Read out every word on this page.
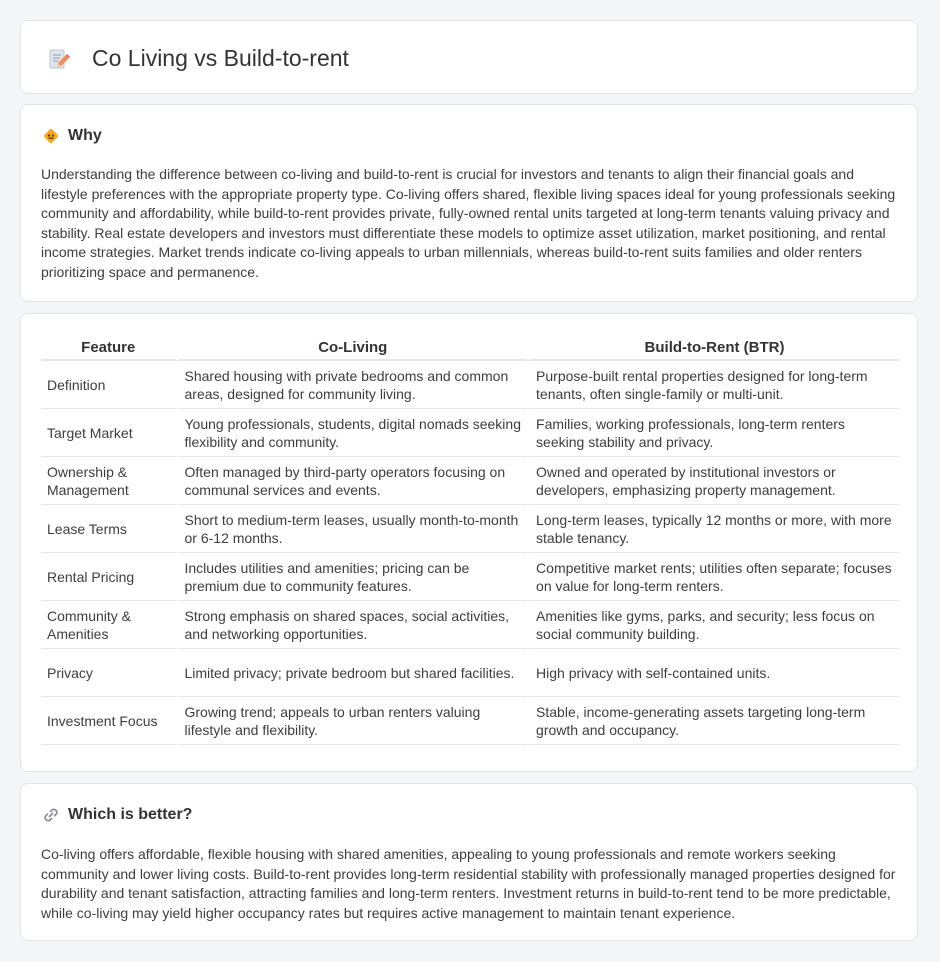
Co Living vs Build-to-rent
Why

Understanding the difference between co-living and build-to-rent is crucial for investors and tenants to align their financial goals and lifestyle preferences with the appropriate property type. Co-living offers shared, flexible living spaces ideal for young professionals seeking community and affordability, while build-to-rent provides private, fully-owned rental units targeted at long-term tenants valuing privacy and stability. Real estate developers and investors must differentiate these models to optimize asset utilization, market positioning, and rental income strategies. Market trends indicate co-living appeals to urban millennials, whereas build-to-rent suits families and older renters prioritizing space and permanence.

Feature	Co-Living	Build-to-Rent (BTR)
Definition	Shared housing with private bedrooms and common areas, designed for community living.	Purpose-built rental properties designed for long-term tenants, often single-family or multi-unit.
Target Market	Young professionals, students, digital nomads seeking flexibility and community.	Families, working professionals, long-term renters seeking stability and privacy.
Ownership & Management	Often managed by third-party operators focusing on communal services and events.	Owned and operated by institutional investors or developers, emphasizing property management.
Lease Terms	Short to medium-term leases, usually month-to-month or 6-12 months.	Long-term leases, typically 12 months or more, with more stable tenancy.
Rental Pricing	Includes utilities and amenities; pricing can be premium due to community features.	Competitive market rents; utilities often separate; focuses on value for long-term renters.
Community & Amenities	Strong emphasis on shared spaces, social activities, and networking opportunities.	Amenities like gyms, parks, and security; less focus on social community building.
Privacy	Limited privacy; private bedroom but shared facilities.	High privacy with self-contained units.
Investment Focus	Growing trend; appeals to urban renters valuing lifestyle and flexibility.	Stable, income-generating assets targeting long-term growth and occupancy.
Which is better?

Co-living offers affordable, flexible housing with shared amenities, appealing to young professionals and remote workers seeking community and lower living costs. Build-to-rent provides long-term residential stability with professionally managed properties designed for durability and tenant satisfaction, attracting families and long-term renters. Investment returns in build-to-rent tend to be more predictable, while co-living may yield higher occupancy rates but requires active management to maintain tenant experience.
